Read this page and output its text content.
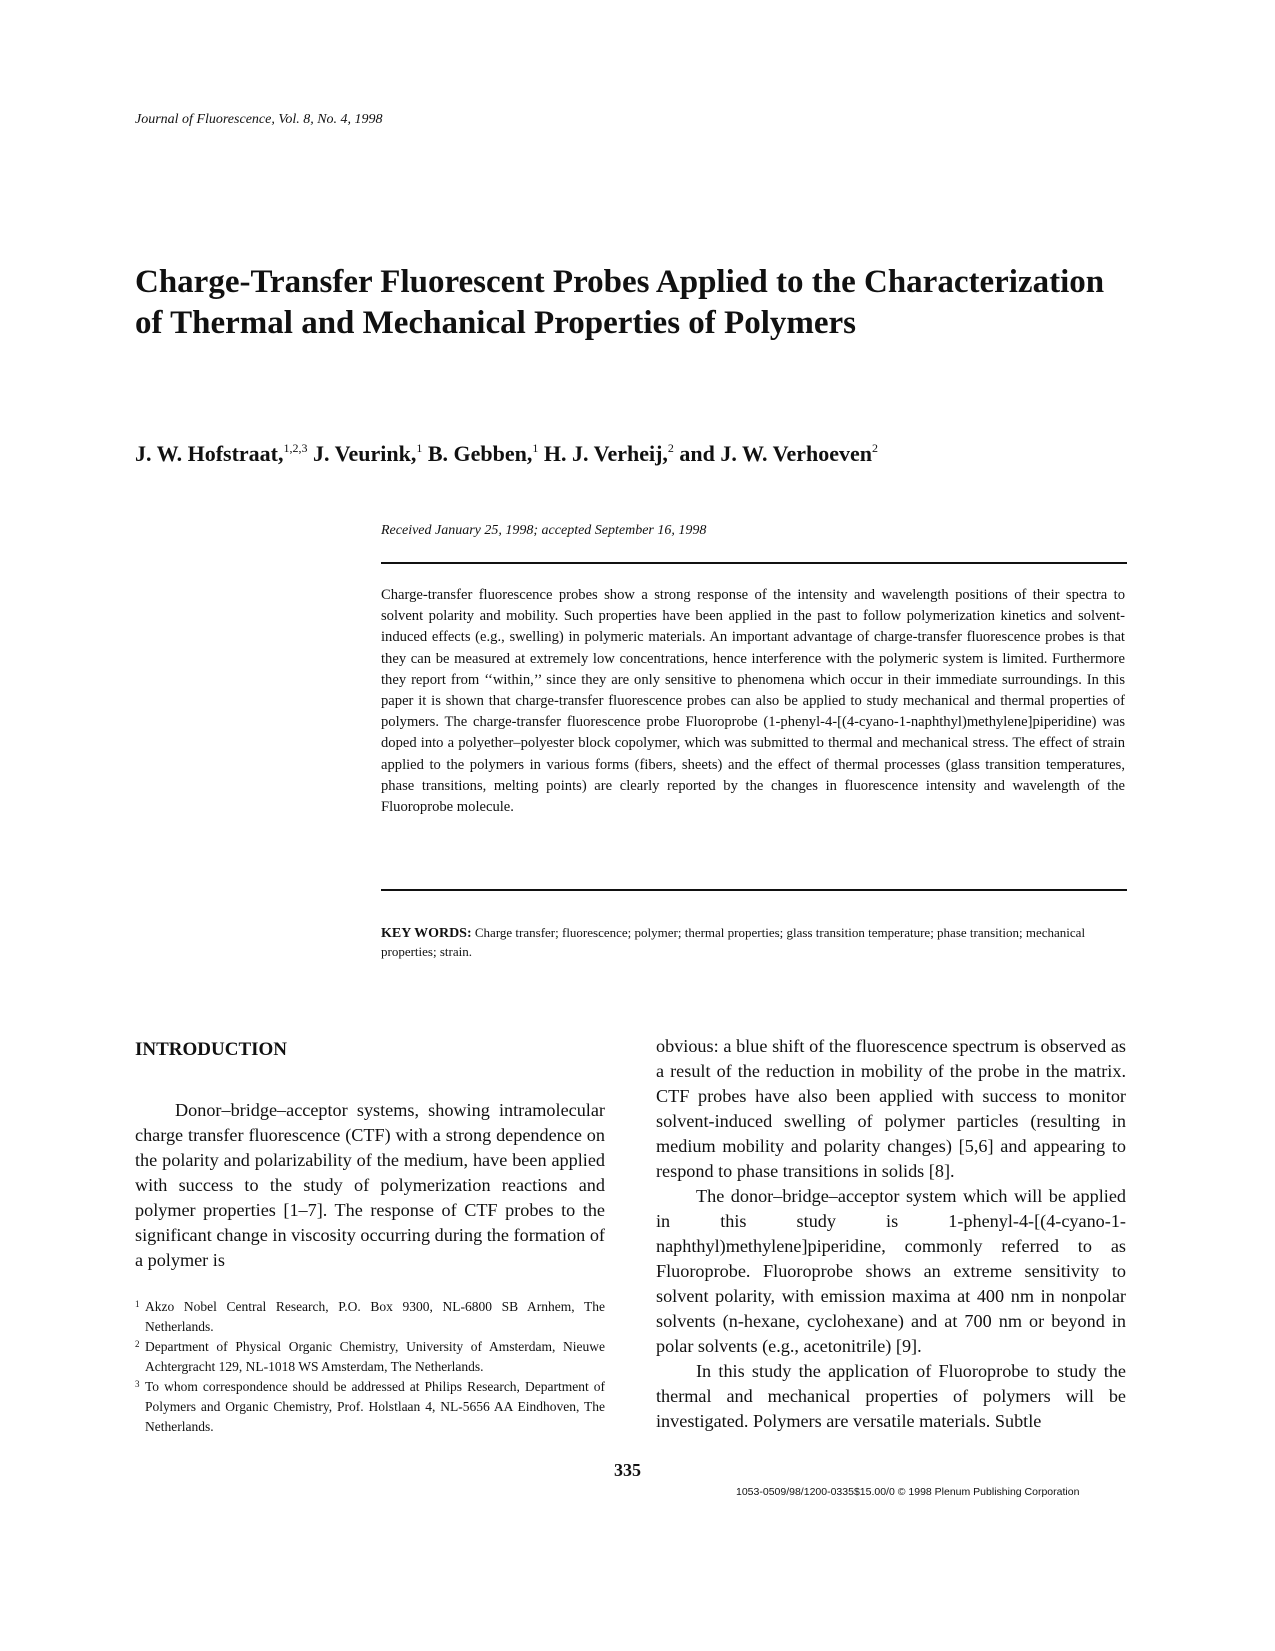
Journal of Fluorescence, Vol. 8, No. 4, 1998
Charge-Transfer Fluorescent Probes Applied to the Characterization of Thermal and Mechanical Properties of Polymers
J. W. Hofstraat,$^{1,2,3}$ J. Veurink,$^1$ B. Gebben,$^1$ H. J. Verheij,$^2$ and J. W. Verhoeven$^2$
Received January 25, 1998; accepted September 16, 1998

Charge-transfer fluorescence probes show a strong response of the intensity and wavelength positions of their spectra to solvent polarity and mobility. Such properties have been applied in the past to follow polymerization kinetics and solvent-induced effects (e.g., swelling) in polymeric materials. An important advantage of charge-transfer fluorescence probes is that they can be measured at extremely low concentrations, hence interference with the polymeric system is limited. Furthermore they report from ‘‘within,’’ since they are only sensitive to phenomena which occur in their immediate surroundings. In this paper it is shown that charge-transfer fluorescence probes can also be applied to study mechanical and thermal properties of polymers. The charge-transfer fluorescence probe Fluoroprobe (1-phenyl-4-[(4-cyano-1-naphthyl)methylene]piperidine) was doped into a polyether–polyester block copolymer, which was submitted to thermal and mechanical stress. The effect of strain applied to the polymers in various forms (fibers, sheets) and the effect of thermal processes (glass transition temperatures, phase transitions, melting points) are clearly reported by the changes in fluorescence intensity and wavelength of the Fluoroprobe molecule.

KEY WORDS: Charge transfer; fluorescence; polymer; thermal properties; glass transition temperature; phase transition; mechanical properties; strain.

INTRODUCTION

Donor–bridge–acceptor systems, showing intramolecular charge transfer fluorescence (CTF) with a strong dependence on the polarity and polarizability of the medium, have been applied with success to the study of polymerization reactions and polymer properties [1–7]. The response of CTF probes to the significant change in viscosity occurring during the formation of a polymer is

1 Akzo Nobel Central Research, P.O. Box 9300, NL-6800 SB Arnhem, The Netherlands.
2 Department of Physical Organic Chemistry, University of Amsterdam, Nieuwe Achtergracht 129, NL-1018 WS Amsterdam, The Netherlands.
3 To whom correspondence should be addressed at Philips Research, Department of Polymers and Organic Chemistry, Prof. Holstlaan 4, NL-5656 AA Eindhoven, The Netherlands.

obvious: a blue shift of the fluorescence spectrum is observed as a result of the reduction in mobility of the probe in the matrix. CTF probes have also been applied with success to monitor solvent-induced swelling of polymer particles (resulting in medium mobility and polarity changes) [5,6] and appearing to respond to phase transitions in solids [8].

The donor–bridge–acceptor system which will be applied in this study is 1-phenyl-4-[(4-cyano-1-naphthyl)methylene]piperidine, commonly referred to as Fluoroprobe. Fluoroprobe shows an extreme sensitivity to solvent polarity, with emission maxima at 400 nm in nonpolar solvents (n-hexane, cyclohexane) and at 700 nm or beyond in polar solvents (e.g., acetonitrile) [9].

In this study the application of Fluoroprobe to study the thermal and mechanical properties of polymers will be investigated. Polymers are versatile materials. Subtle

335
1053-0509/98/1200-0335$15.00/0 © 1998 Plenum Publishing Corporation
